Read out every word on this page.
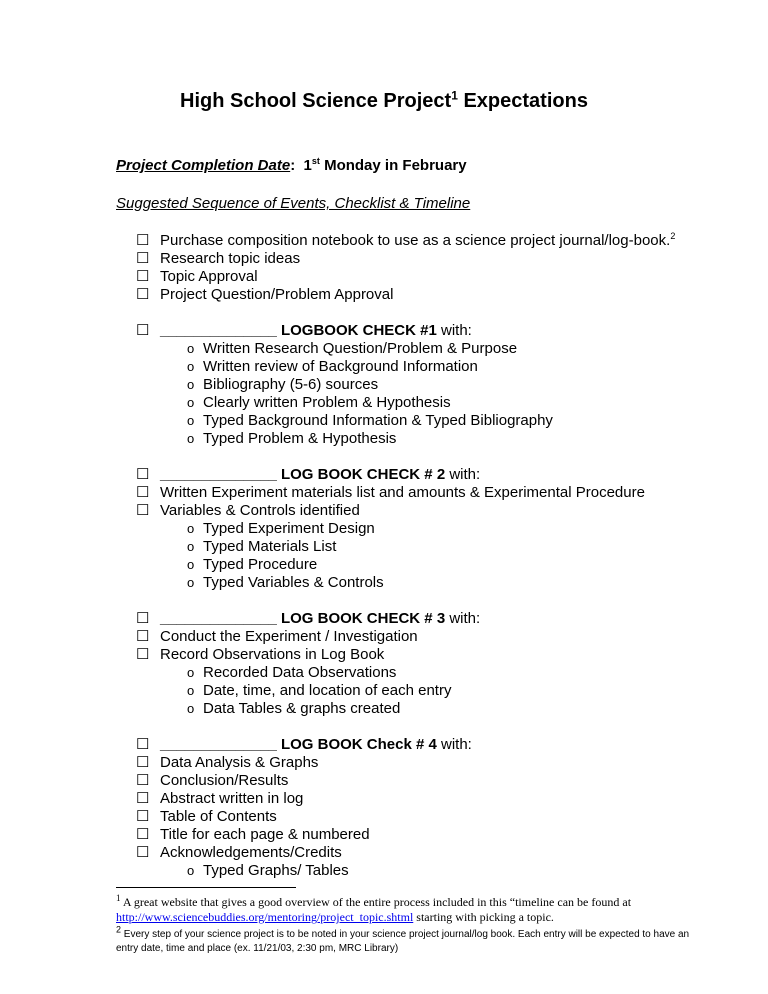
High School Science Project$^1$ Expectations
Project Completion Date: 1st Monday in February
Suggested Sequence of Events, Checklist & Timeline
☐ Purchase composition notebook to use as a science project journal/log-book.$^2$
☐ Research topic ideas
☐ Topic Approval
☐ Project Question/Problem Approval
☐ ______________ LOGBOOK CHECK #1 with:
o Written Research Question/Problem & Purpose
o Written review of Background Information
o Bibliography (5-6) sources
o Clearly written Problem & Hypothesis
o Typed Background Information & Typed Bibliography
o Typed Problem & Hypothesis
☐ ______________ LOG BOOK CHECK # 2 with:
☐ Written Experiment materials list and amounts & Experimental Procedure
☐ Variables & Controls identified
o Typed Experiment Design
o Typed Materials List
o Typed Procedure
o Typed Variables & Controls
☐ ______________ LOG BOOK CHECK # 3 with:
☐ Conduct the Experiment / Investigation
☐ Record Observations in Log Book
o Recorded Data Observations
o Date, time, and location of each entry
o Data Tables & graphs created
☐ ______________ LOG BOOK Check # 4 with:
☐ Data Analysis & Graphs
☐ Conclusion/Results
☐ Abstract written in log
☐ Table of Contents
☐ Title for each page & numbered
☐ Acknowledgements/Credits
o Typed Graphs/ Tables
$^1$ A great website that gives a good overview of the entire process included in this “timeline can be found at http://www.sciencebuddies.org/mentoring/project_topic.shtml starting with picking a topic.
2 Every step of your science project is to be noted in your science project journal/log book. Each entry will be expected to have an entry date, time and place (ex. 11/21/03, 2:30 pm, MRC Library)
